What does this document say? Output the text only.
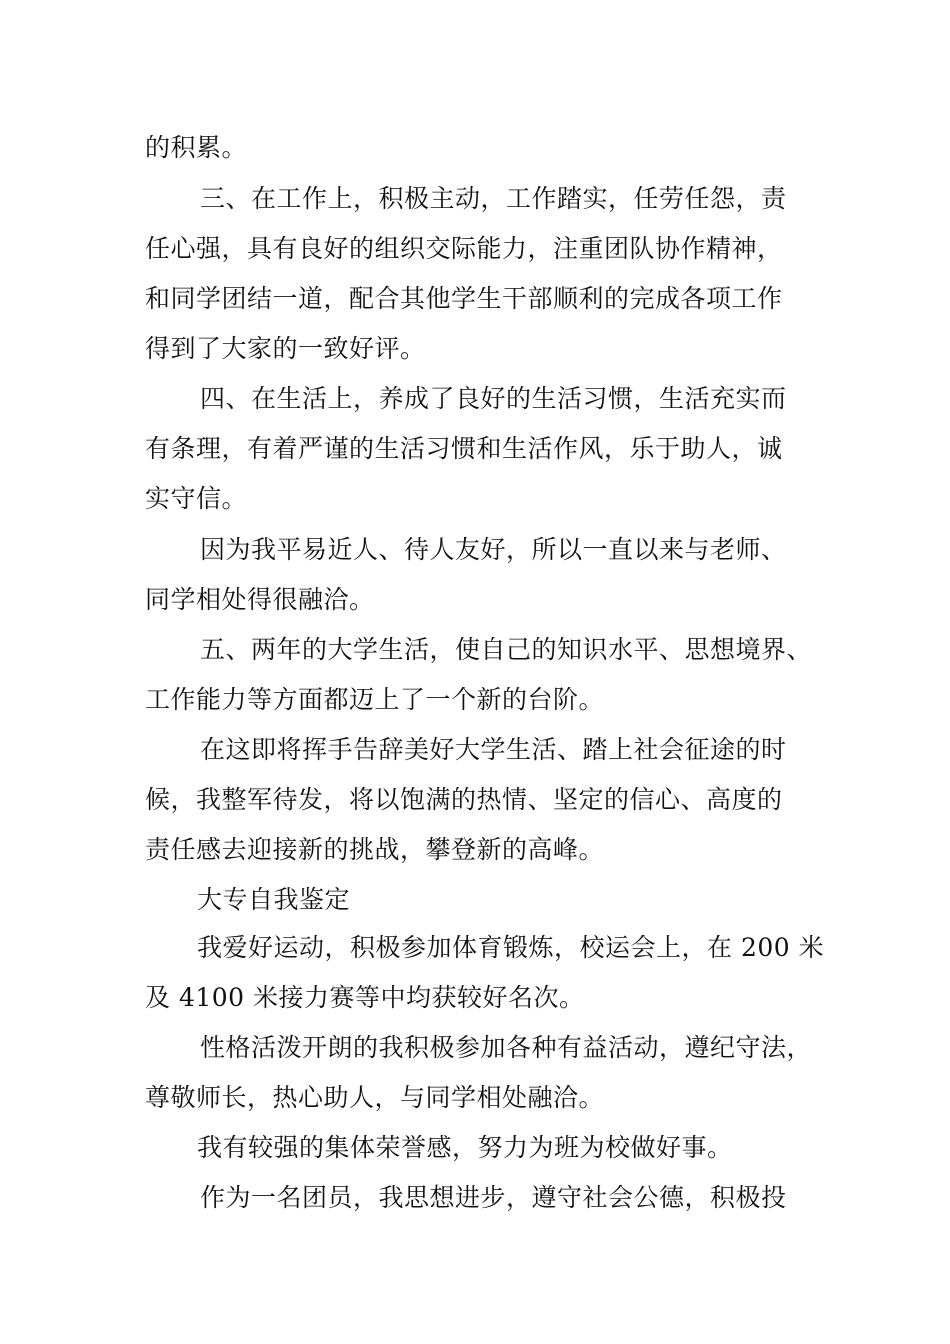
的积累。
三、在工作上，积极主动，工作踏实，任劳任怨，责
任心强，具有良好的组织交际能力，注重团队协作精神，
和同学团结一道，配合其他学生干部顺利的完成各项工作
得到了大家的一致好评。
四、在生活上，养成了良好的生活习惯，生活充实而
有条理，有着严谨的生活习惯和生活作风，乐于助人，诚
实守信。
因为我平易近人、待人友好，所以一直以来与老师、
同学相处得很融洽。
五、两年的大学生活，使自己的知识水平、思想境界、
工作能力等方面都迈上了一个新的台阶。
在这即将挥手告辞美好大学生活、踏上社会征途的时
候，我整军待发，将以饱满的热情、坚定的信心、高度的
责任感去迎接新的挑战，攀登新的高峰。
大专自我鉴定
我爱好运动，积极参加体育锻炼，校运会上，在 200 米
及 4100 米接力赛等中均获较好名次。
性格活泼开朗的我积极参加各种有益活动，遵纪守法，
尊敬师长，热心助人，与同学相处融洽。
我有较强的集体荣誉感，努力为班为校做好事。
作为一名团员，我思想进步，遵守社会公德，积极投
